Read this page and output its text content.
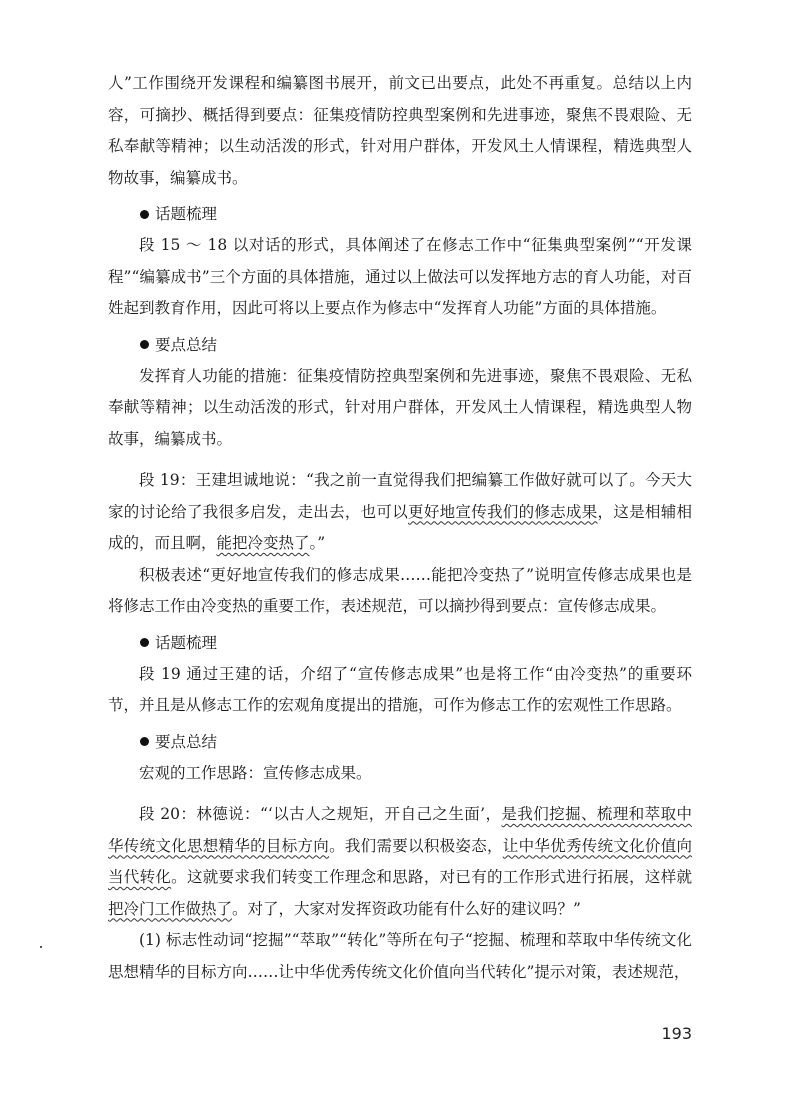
人”工作围绕开发课程和编纂图书展开，前文已出要点，此处不再重复。总结以上内容，可摘抄、概括得到要点：征集疫情防控典型案例和先进事迹，聚焦不畏艰险、无私奉献等精神；以生动活泼的形式，针对用户群体，开发风土人情课程，精选典型人物故事，编纂成书。

话题梳理

段 15 ～ 18 以对话的形式，具体阐述了在修志工作中“征集典型案例”“开发课程”“编纂成书”三个方面的具体措施，通过以上做法可以发挥地方志的育人功能，对百姓起到教育作用，因此可将以上要点作为修志中“发挥育人功能”方面的具体措施。

要点总结

发挥育人功能的措施：征集疫情防控典型案例和先进事迹，聚焦不畏艰险、无私奉献等精神；以生动活泼的形式，针对用户群体，开发风土人情课程，精选典型人物故事，编纂成书。

段 19：王建坦诚地说：“我之前一直觉得我们把编纂工作做好就可以了。今天大家的讨论给了我很多启发，走出去，也可以更好地宣传我们的修志成果，这是相辅相成的，而且啊，能把冷变热了。”

积极表述“更好地宣传我们的修志成果……能把冷变热了”说明宣传修志成果也是将修志工作由冷变热的重要工作，表述规范，可以摘抄得到要点：宣传修志成果。

话题梳理

段 19 通过王建的话，介绍了“宣传修志成果”也是将工作“由冷变热”的重要环节，并且是从修志工作的宏观角度提出的措施，可作为修志工作的宏观性工作思路。

要点总结

宏观的工作思路：宣传修志成果。

段 20：林德说：“‘以古人之规矩，开自己之生面’，是我们挖掘、梳理和萃取中华传统文化思想精华的目标方向。我们需要以积极姿态，让中华优秀传统文化价值向当代转化。这就要求我们转变工作理念和思路，对已有的工作形式进行拓展，这样就把冷门工作做热了。对了，大家对发挥资政功能有什么好的建议吗？”

(1) 标志性动词“挖掘”“萃取”“转化”等所在句子“挖掘、梳理和萃取中华传统文化思想精华的目标方向……让中华优秀传统文化价值向当代转化”提示对策，表述规范，

193
